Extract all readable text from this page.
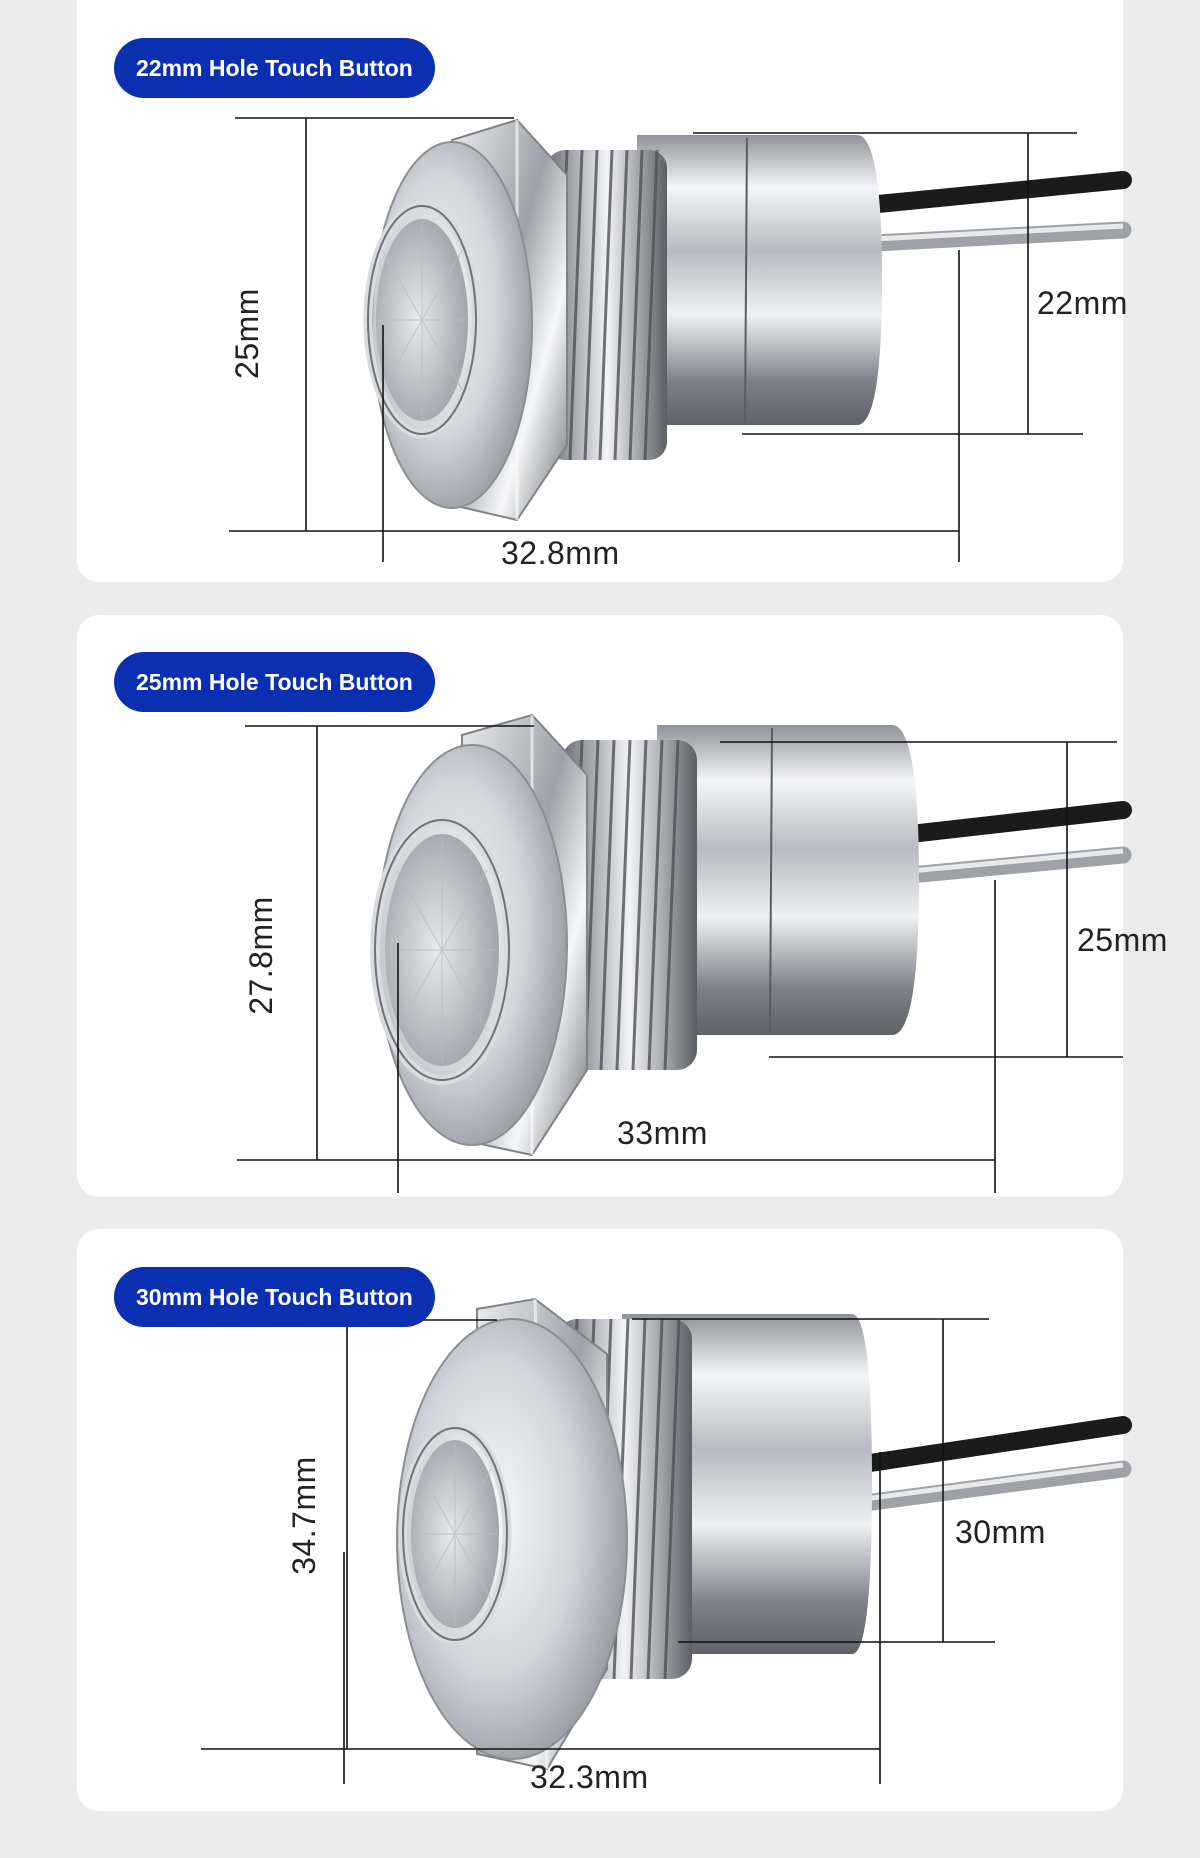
22mm Hole Touch Button
25mm	22mm
32.8mm
25mm Hole Touch Button
27.8mm	25mm
33mm
30mm Hole Touch Button
34.7mm	30mm
32.3mm
